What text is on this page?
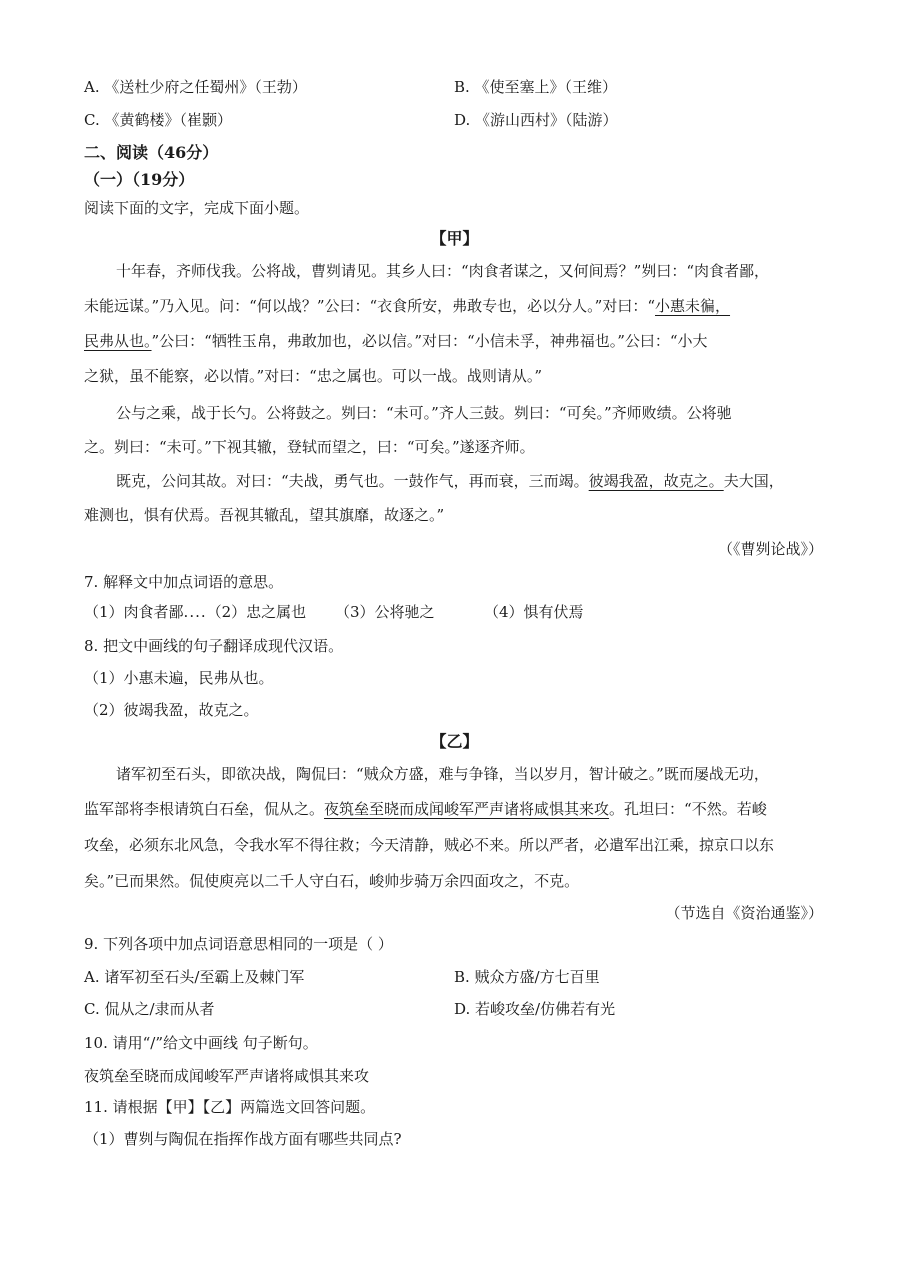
A. 《送杜少府之任蜀州》（王勃）	B. 《使至塞上》（王维）
C. 《黄鹤楼》（崔颢）	D. 《游山西村》（陆游）
二、阅读（46分）
（一）（19分）
阅读下面的文字，完成下面小题。
【甲】
十年春，齐师伐我。公将战，曹刿请见。其乡人曰：“肉食者谋之，又何间焉？”刿曰：“肉食者鄙，
未能远谋。”乃入见。问：“何以战？”公曰：“衣食所安，弗敢专也，必以分人。”对曰：“小惠未徧，
民弗从也。”公曰：“牺牲玉帛，弗敢加也，必以信。”对曰：“小信未孚，神弗福也。”公曰：“小大
之狱，虽不能察，必以情。”对曰：“忠之属也。可以一战。战则请从。”
公与之乘，战于长勺。公将鼓之。刿曰：“未可。”齐人三鼓。刿曰：“可矣。”齐师败绩。公将驰
之。刿曰：“未可。”下视其辙，登轼而望之，曰：“可矣。”遂逐齐师。
既克，公问其故。对曰：“夫战，勇气也。一鼓作气，再而衰，三而竭。彼竭我盈，故克之。夫大国，
难测也，惧有伏焉。吾视其辙乱，望其旗靡，故逐之。”
（《曹刿论战》）
7. 解释文中加点词语的意思。
（1）肉食者鄙....（2）忠之属也 （3）公将驰之	（4）惧有伏焉
8. 把文中画线的句子翻译成现代汉语。
（1）小惠未遍，民弗从也。
（2）彼竭我盈，故克之。
【乙】
诸军初至石头，即欲决战，陶侃曰：“贼众方盛，难与争锋，当以岁月，智计破之。”既而屡战无功，
监军部将李根请筑白石垒，侃从之。夜筑垒至晓而成闻峻军严声诸将咸惧其来攻。孔坦曰：“不然。若峻
攻垒，必须东北风急，令我水军不得往救；今天清静，贼必不来。所以严者，必遣军出江乘，掠京口以东
矣。”已而果然。侃使庾亮以二千人守白石，峻帅步骑万余四面攻之，不克。
（节选自《资治通鉴》）
9. 下列各项中加点词语意思相同的一项是（ ）
A. 诸军初至石头/至霸上及棘门军	B. 贼众方盛/方七百里
C. 侃从之/隶而从者	D. 若峻攻垒/仿佛若有光
10. 请用“/”给文中画线 句子断句。
夜筑垒至晓而成闻峻军严声诸将咸惧其来攻
11. 请根据【甲】【乙】两篇选文回答问题。
（1）曹刿与陶侃在指挥作战方面有哪些共同点?
